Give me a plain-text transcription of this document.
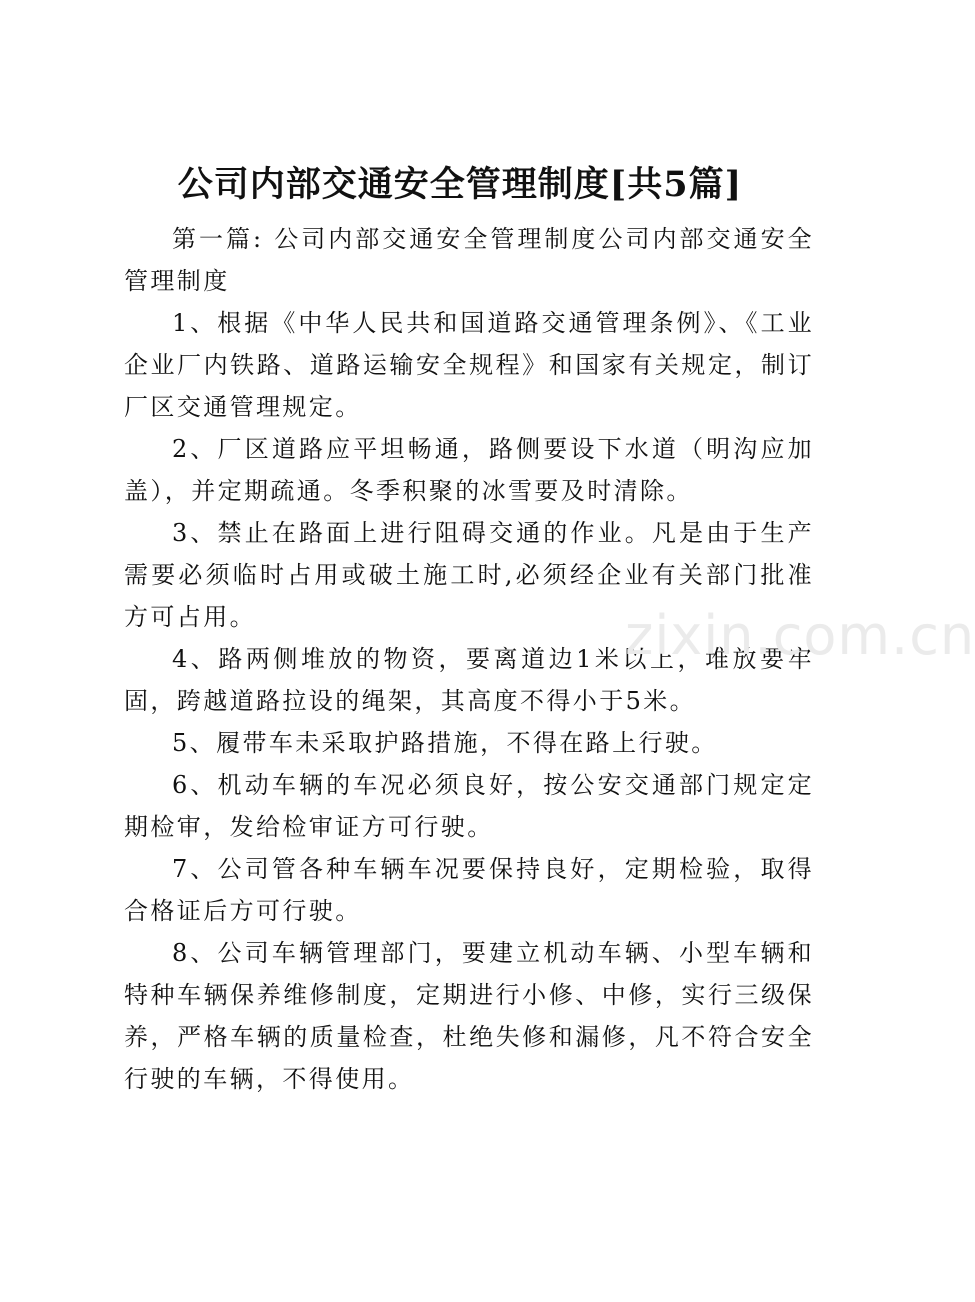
公司内部交通安全管理制度[共5篇]

第一篇: 公司内部交通安全管理制度公司内部交通安全管理制度

1、根据《中华人民共和国道路交通管理条例》、《工业企业厂内铁路、道路运输安全规程》和国家有关规定，制订厂区交通管理规定。

2、厂区道路应平坦畅通，路侧要设下水道（明沟应加盖），并定期疏通。冬季积聚的冰雪要及时清除。

3、禁止在路面上进行阻碍交通的作业。凡是由于生产需要必须临时占用或破土施工时,必须经企业有关部门批准方可占用。

4、路两侧堆放的物资，要离道边1米以上，堆放要牢固，跨越道路拉设的绳架，其高度不得小于5米。

5、履带车未采取护路措施，不得在路上行驶。

6、机动车辆的车况必须良好，按公安交通部门规定定期检审，发给检审证方可行驶。

7、公司管各种车辆车况要保持良好，定期检验，取得合格证后方可行驶。

8、公司车辆管理部门，要建立机动车辆、小型车辆和特种车辆保养维修制度，定期进行小修、中修，实行三级保养，严格车辆的质量检查，杜绝失修和漏修，凡不符合安全行驶的车辆，不得使用。

zixin.com.cn
